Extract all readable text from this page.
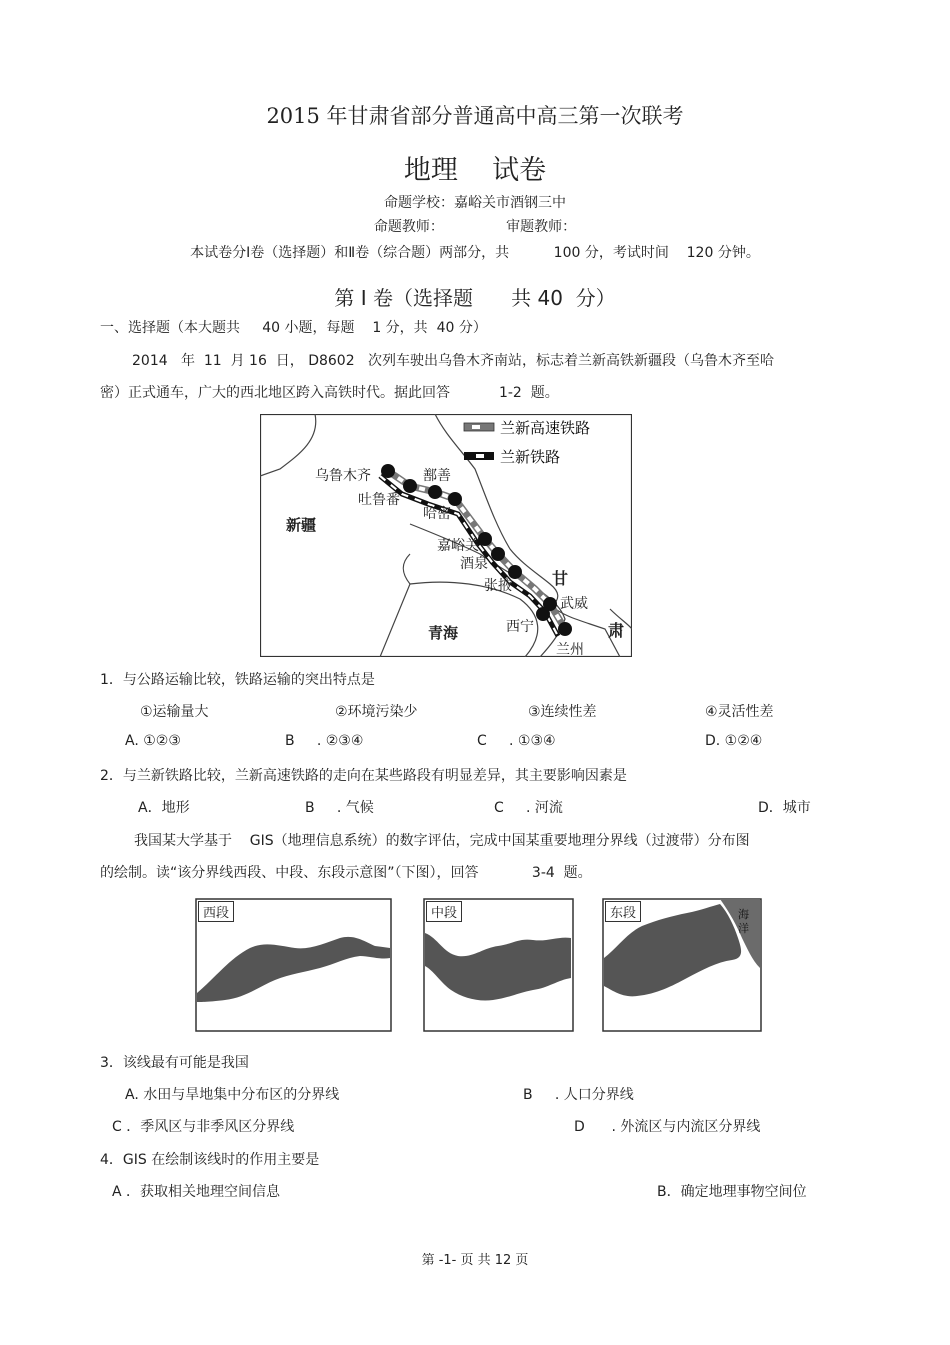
2015 年甘肃省部分普通高中高三第一次联考
地理    试卷
命题学校：嘉峪关市酒钢三中
命题教师：              审题教师：
本试卷分Ⅰ卷（选择题）和Ⅱ卷（综合题）两部分，共          100 分，考试时间    120 分钟。
第 Ⅰ 卷（选择题      共 40  分）
一、选择题（本大题共     40 小题，每题    1 分，共  40 分）
2014   年  11  月 16  日， D8602   次列车驶出乌鲁木齐南站，标志着兰新高铁新疆段（乌鲁木齐至哈
密）正式通车，广大的西北地区跨入高铁时代。据此回答           1-2  题。
兰新高速铁路
兰新铁路
乌鲁木齐	鄯善
吐鲁番
哈密
新疆
嘉峪关
酒泉
张掖	甘
武威
青海	西宁	肃
兰州
1．与公路运输比较，铁路运输的突出特点是
①运输量大	②环境污染少	③连续性差	④灵活性差
A. ①②③	B     . ②③④	C     . ①③④	D. ①②④
2．与兰新铁路比较，兰新高速铁路的走向在某些路段有明显差异，其主要影响因素是
A．地形	B     . 气候	C     . 河流	D．城市
我国某大学基于    GIS（地理信息系统）的数字评估，完成中国某重要地理分界线（过渡带）分布图
的绘制。读“该分界线西段、中段、东段示意图”（下图），回答            3-4  题。
西段	中段	东段	海洋
3．该线最有可能是我国
A. 水田与旱地集中分布区的分界线	B     . 人口分界线
C ．季风区与非季风区分界线	D      . 外流区与内流区分界线
4．GIS 在绘制该线时的作用主要是
A ．获取相关地理空间信息	B．确定地理事物空间位
第 -1- 页 共 12 页
